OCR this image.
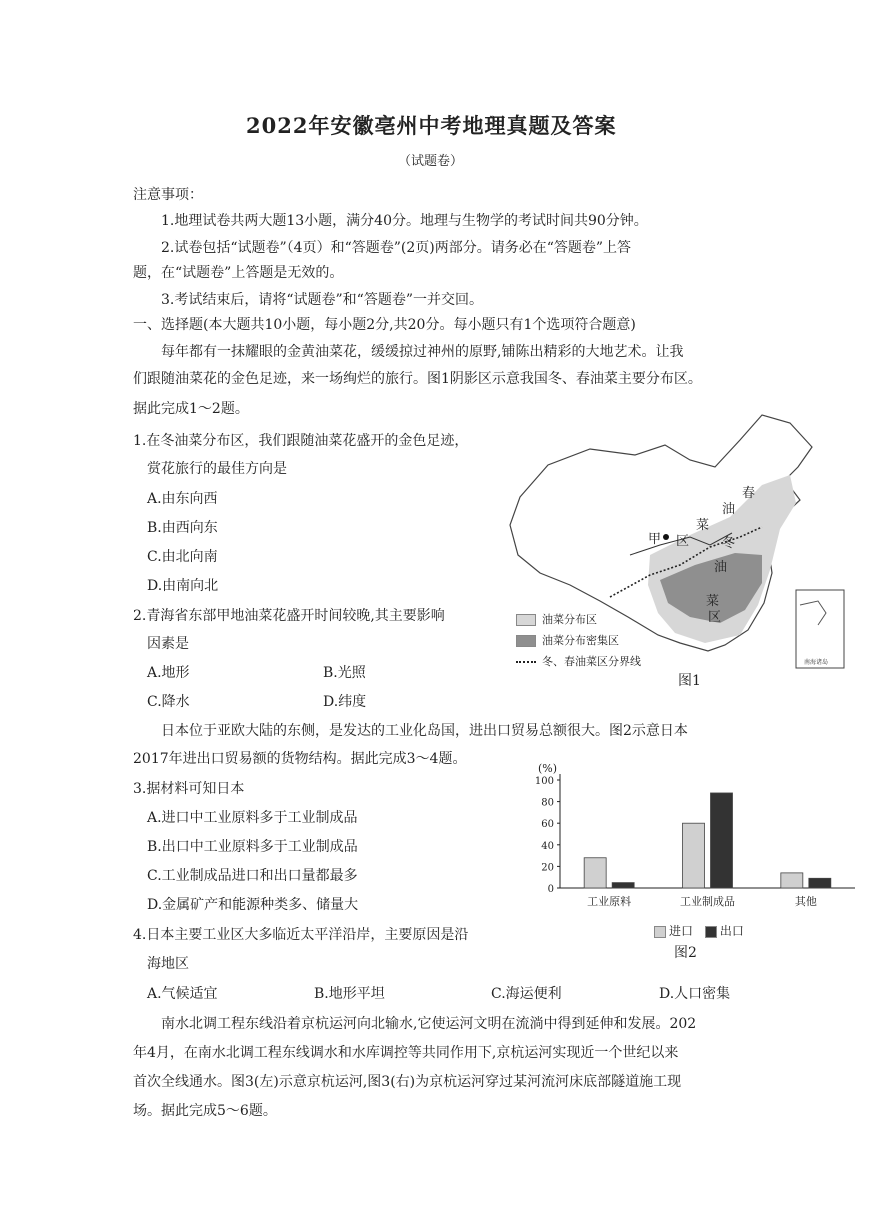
2022年安徽亳州中考地理真题及答案
（试题卷）
注意事项：
1.地理试卷共两大题13小题，满分40分。地理与生物学的考试时间共90分钟。
2.试卷包括“试题卷”（4页）和“答题卷”(2页)两部分。请务必在“答题卷”上答
题，在“试题卷”上答题是无效的。
3.考试结束后，请将“试题卷”和“答题卷”一并交回。
一、选择题(本大题共10小题，每小题2分,共20分。每小题只有1个选项符合题意)
每年都有一抹耀眼的金黄油菜花，缓缓掠过神州的原野,铺陈出精彩的大地艺术。让我
们跟随油菜花的金色足迹，来一场绚烂的旅行。图1阴影区示意我国冬、春油菜主要分布区。
据此完成1～2题。
1.在冬油菜分布区，我们跟随油菜花盛开的金色足迹，
赏花旅行的最佳方向是
A.由东向西
B.由西向东
C.由北向南
D.由南向北
2.青海省东部甲地油菜花盛开时间较晚,其主要影响
因素是
A.地形	B.光照
C.降水	D.纬度
春
油
菜
区
甲	冬
油
菜
区
南海诸岛
油菜分布区
油菜分布密集区
冬、春油菜区分界线
图1
日本位于亚欧大陆的东侧，是发达的工业化岛国，进出口贸易总额很大。图2示意日本
2017年进出口贸易额的货物结构。据此完成3～4题。
3.据材料可知日本
A.进口中工业原料多于工业制成品
B.出口中工业原料多于工业制成品
C.工业制成品进口和出口量都最多
D.金属矿产和能源种类多、储量大
4.日本主要工业区大多临近太平洋沿岸，主要原因是沿
海地区
A.气候适宜	B.地形平坦	C.海运便利	D.人口密集
南水北调工程东线沿着京杭运河向北输水,它使运河文明在流淌中得到延伸和发展。202
年4月，在南水北调工程东线调水和水库调控等共同作用下,京杭运河实现近一个世纪以来
首次全线通水。图3(左)示意京杭运河,图3(右)为京杭运河穿过某河流河床底部隧道施工现
场。据此完成5～6题。
(%)
0
20
40
60
80
100
工业原料	工业制成品	其他
进口 出口
图2
